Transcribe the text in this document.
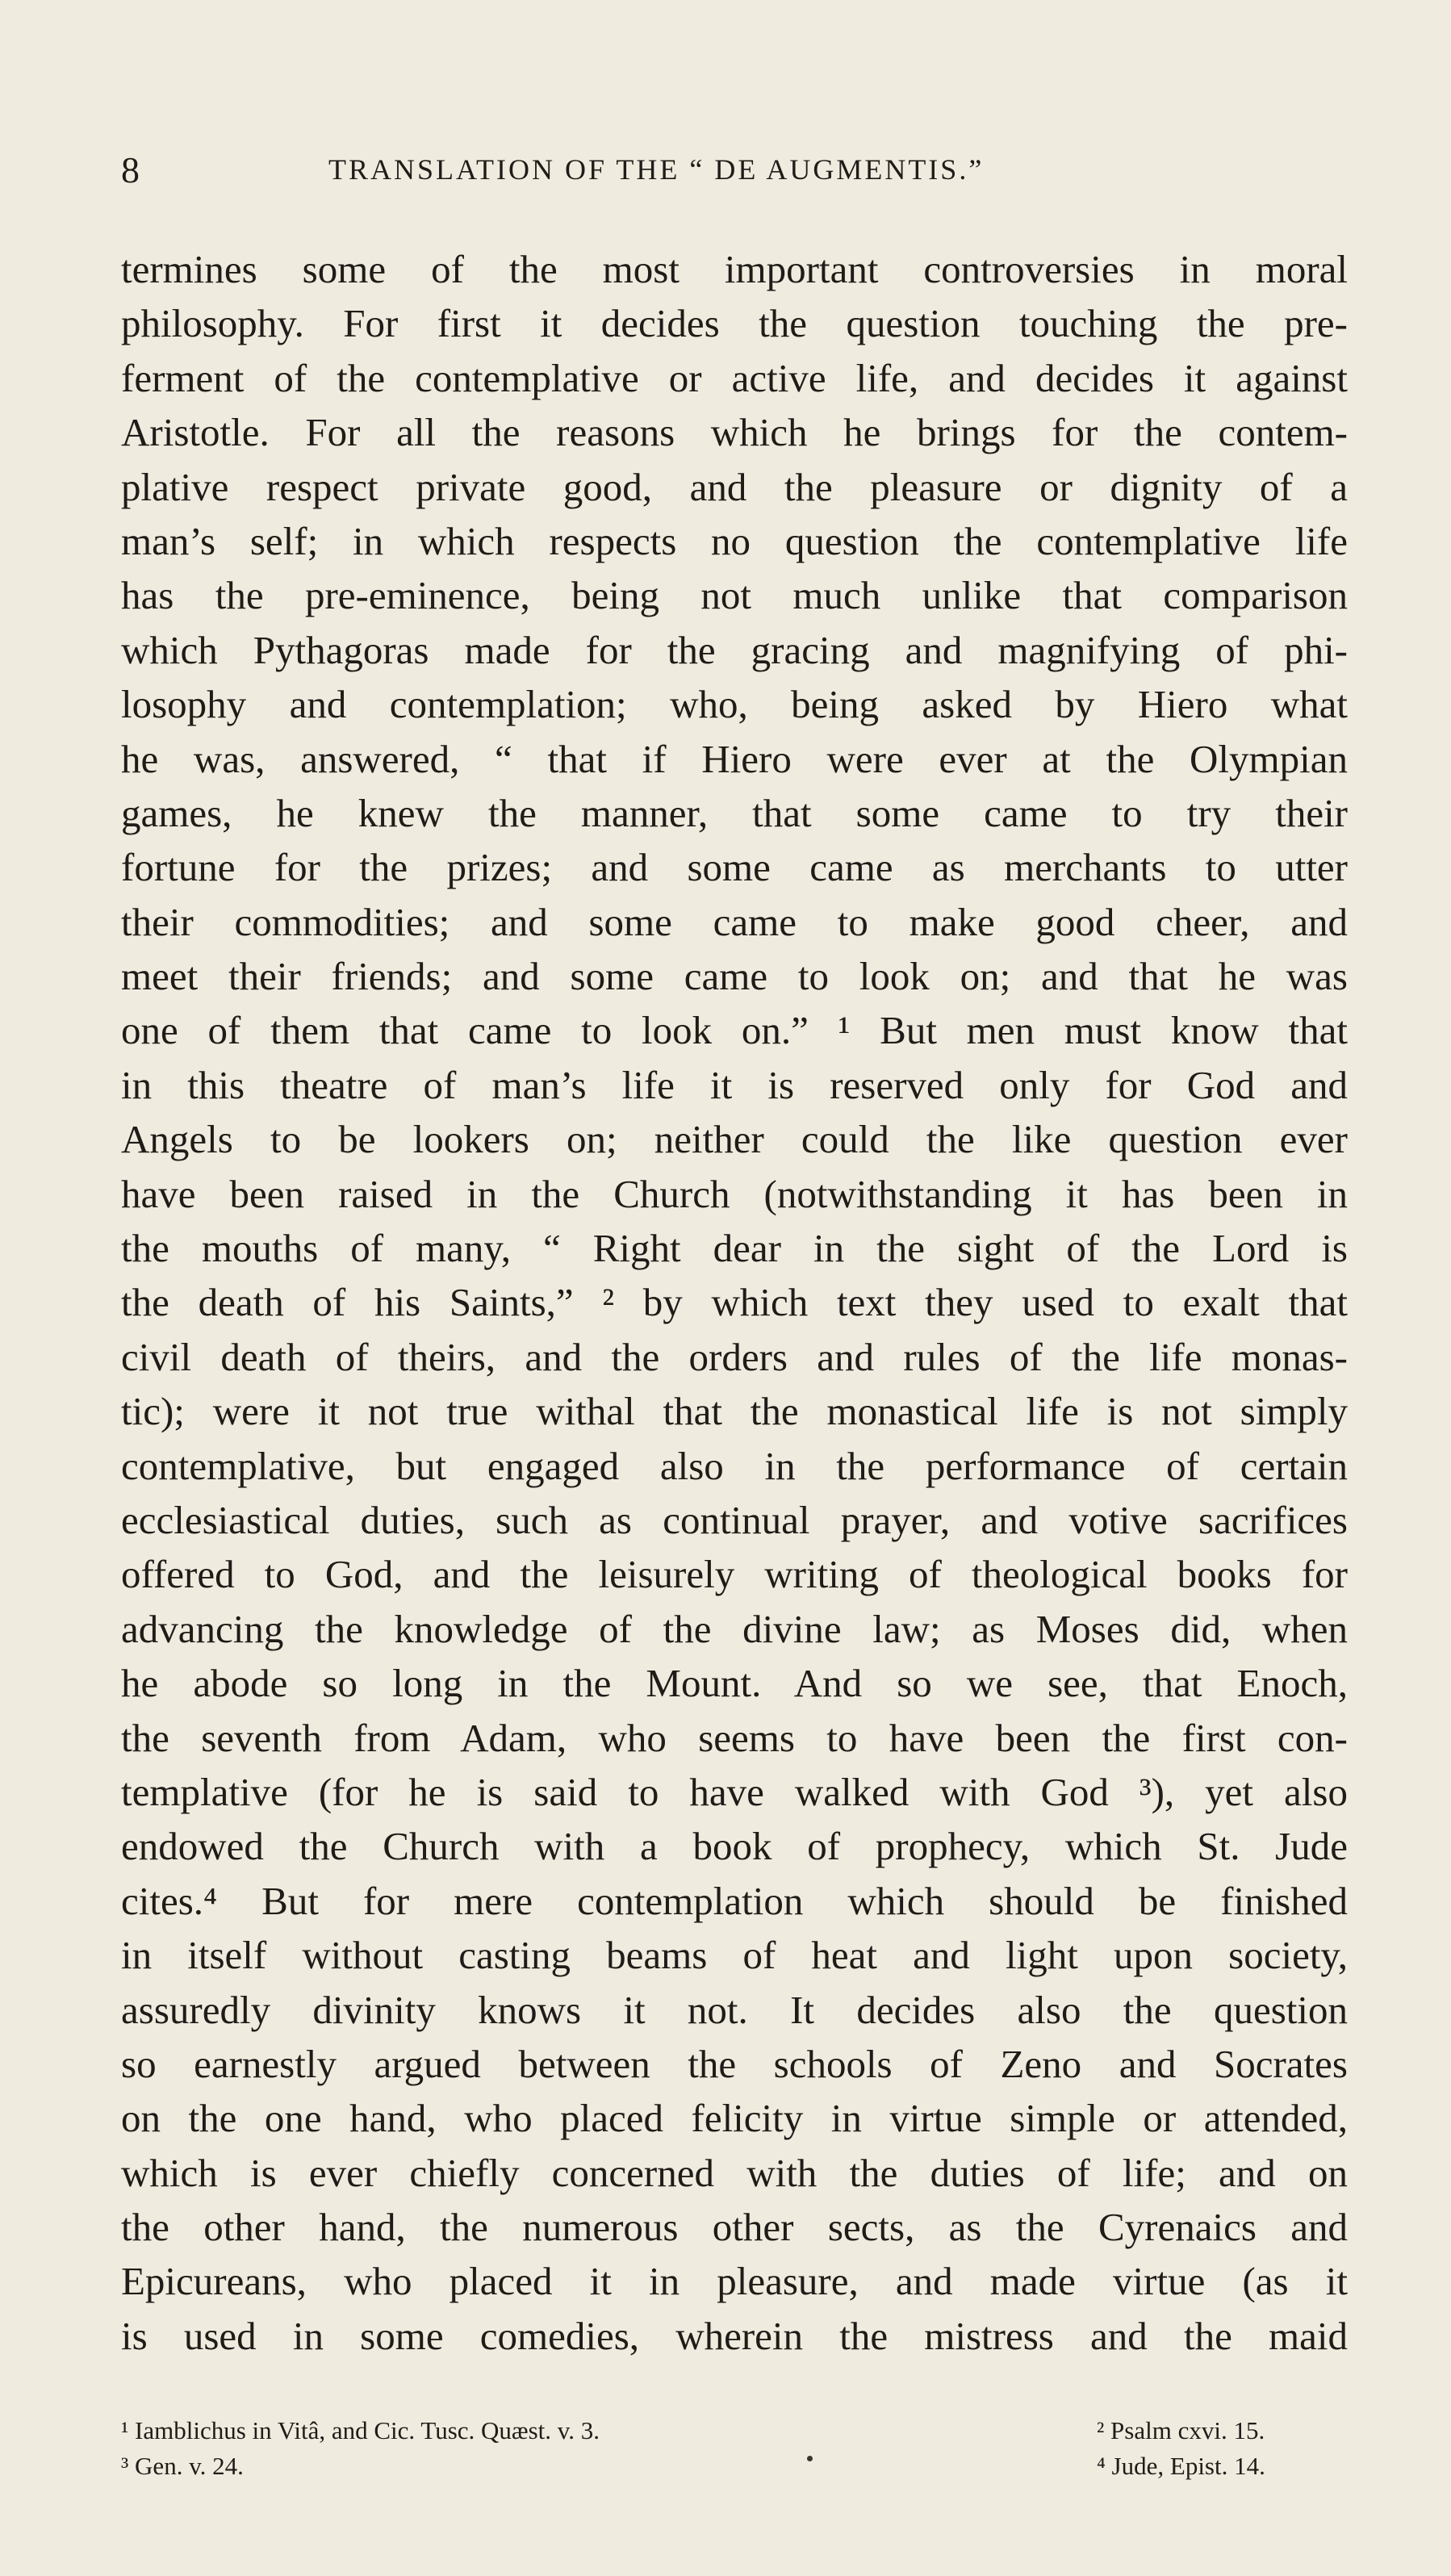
8	TRANSLATION OF THE “ DE AUGMENTIS.”
termines some of the most important controversies in moral
philosophy. For first it decides the question touching the pre-
ferment of the contemplative or active life, and decides it against
Aristotle. For all the reasons which he brings for the contem-
plative respect private good, and the pleasure or dignity of a
man’s self; in which respects no question the contemplative life
has the pre-eminence, being not much unlike that comparison
which Pythagoras made for the gracing and magnifying of phi-
losophy and contemplation; who, being asked by Hiero what
he was, answered, “ that if Hiero were ever at the Olympian
games, he knew the manner, that some came to try their
fortune for the prizes; and some came as merchants to utter
their commodities; and some came to make good cheer, and
meet their friends; and some came to look on; and that he was
one of them that came to look on.” ¹ But men must know that
in this theatre of man’s life it is reserved only for God and
Angels to be lookers on; neither could the like question ever
have been raised in the Church (notwithstanding it has been in
the mouths of many, “ Right dear in the sight of the Lord is
the death of his Saints,” ² by which text they used to exalt that
civil death of theirs, and the orders and rules of the life monas-
tic); were it not true withal that the monastical life is not simply
contemplative, but engaged also in the performance of certain
ecclesiastical duties, such as continual prayer, and votive sacrifices
offered to God, and the leisurely writing of theological books for
advancing the knowledge of the divine law; as Moses did, when
he abode so long in the Mount. And so we see, that Enoch,
the seventh from Adam, who seems to have been the first con-
templative (for he is said to have walked with God ³), yet also
endowed the Church with a book of prophecy, which St. Jude
cites.⁴ But for mere contemplation which should be finished
in itself without casting beams of heat and light upon society,
assuredly divinity knows it not. It decides also the question
so earnestly argued between the schools of Zeno and Socrates
on the one hand, who placed felicity in virtue simple or attended,
which is ever chiefly concerned with the duties of life; and on
the other hand, the numerous other sects, as the Cyrenaics and
Epicureans, who placed it in pleasure, and made virtue (as it
is used in some comedies, wherein the mistress and the maid
¹ Iamblichus in Vitâ, and Cic. Tusc. Quæst. v. 3.	² Psalm cxvi. 15.
³ Gen. v. 24.	⁴ Jude, Epist. 14.
